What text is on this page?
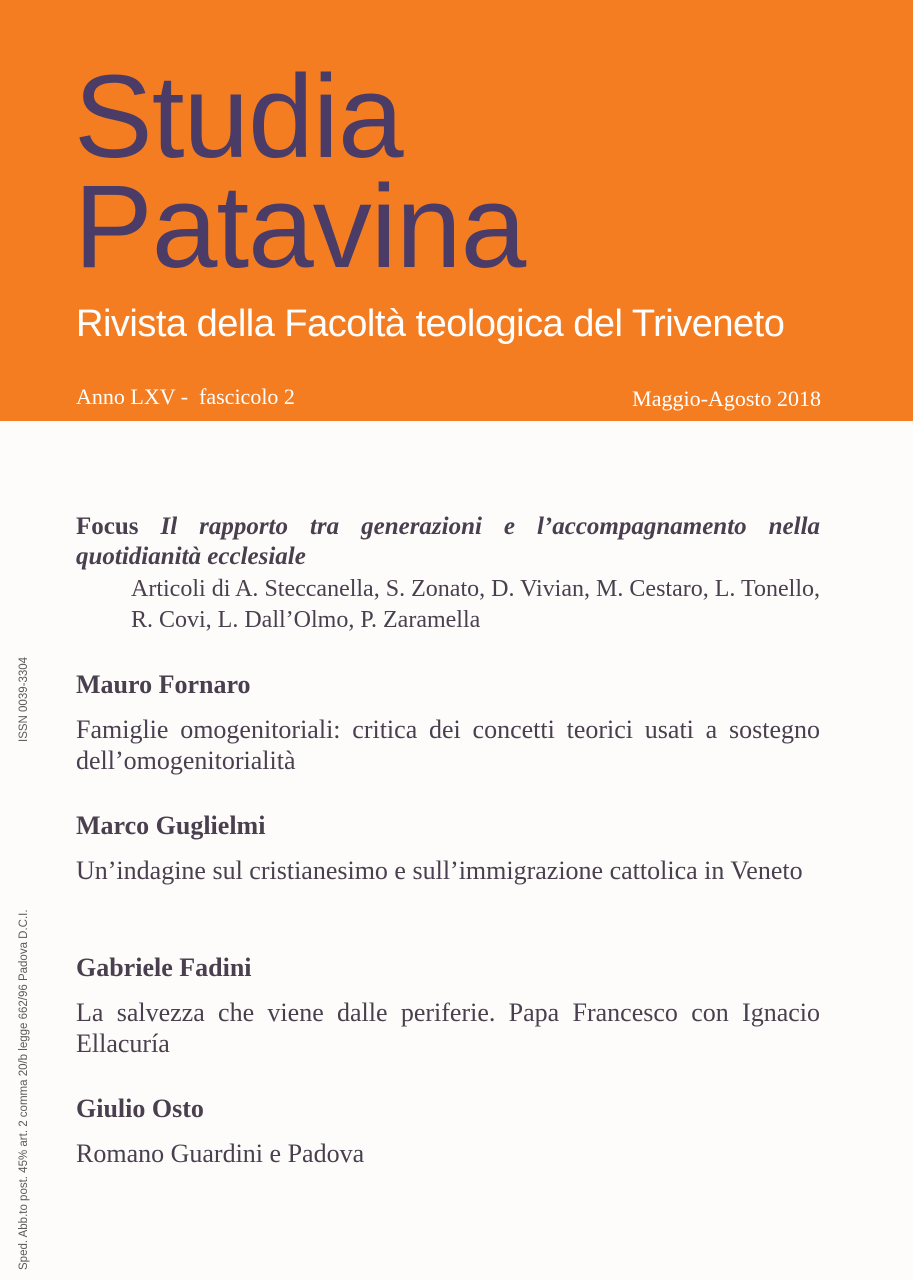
Studia
Patavina
Rivista della Facoltà teologica del Triveneto
Anno LXV -  fascicolo 2	Maggio-Agosto 2018
ISSN 0039-3304
Sped. Abb.to post. 45% art. 2 comma 20/b legge 662/96 Padova D.C.I.
Focus Il rapporto tra generazioni e l’accompagnamento nella quotidianità ecclesiale
Articoli di A. Steccanella, S. Zonato, D. Vivian, M. Cestaro, L. Tonello, R. Covi, L. Dall’Olmo, P. Zaramella
Mauro Fornaro
Famiglie omogenitoriali: critica dei concetti teorici usati a sostegno dell’omogenitorialità
Marco Guglielmi
Un’indagine sul cristianesimo e sull’immigrazione cattolica in Veneto
Gabriele Fadini
La salvezza che viene dalle periferie. Papa Francesco con Ignacio Ellacuría
Giulio Osto
Romano Guardini e Padova
